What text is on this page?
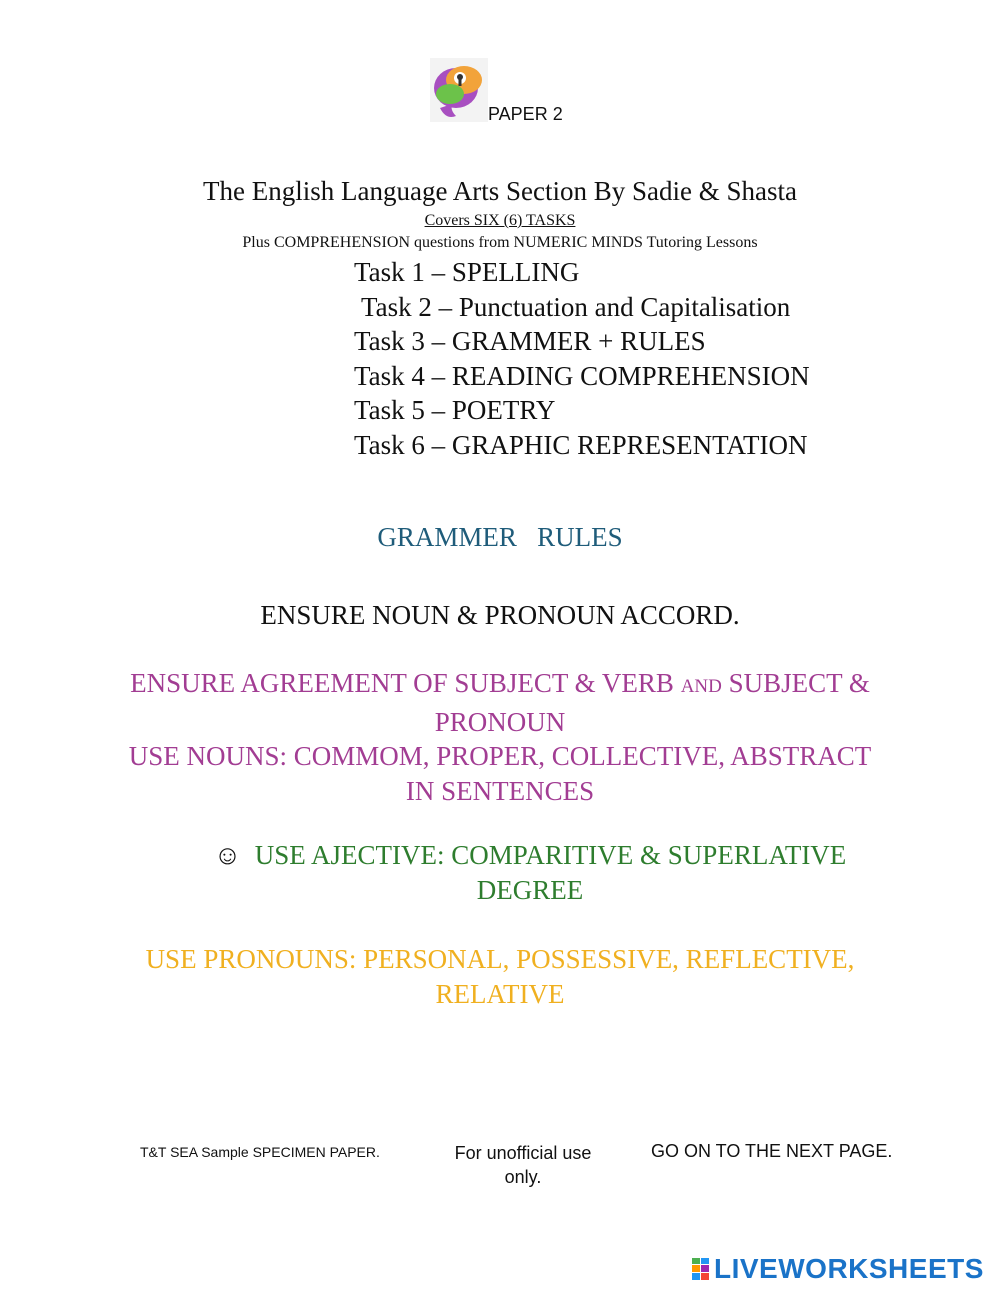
PAPER 2
The English Language Arts Section By Sadie & Shasta
Covers SIX (6) TASKS
Plus COMPREHENSION questions from NUMERIC MINDS Tutoring Lessons
Task 1 – SPELLING
Task 2 – Punctuation and Capitalisation
Task 3 – GRAMMER + RULES
Task 4 – READING COMPREHENSION
Task 5 – POETRY
Task 6 – GRAPHIC REPRESENTATION
GRAMMER   RULES
ENSURE NOUN & PRONOUN ACCORD.
ENSURE AGREEMENT OF SUBJECT & VERB AND SUBJECT & PRONOUN
USE NOUNS: COMMOM, PROPER, COLLECTIVE, ABSTRACT IN SENTENCES
☺ USE AJECTIVE: COMPARITIVE & SUPERLATIVE DEGREE
USE PRONOUNS: PERSONAL, POSSESSIVE, REFLECTIVE, RELATIVE
T&T SEA Sample SPECIMEN PAPER.	For unofficial use only.
GO ON TO THE NEXT PAGE.
LIVEWORKSHEETS
